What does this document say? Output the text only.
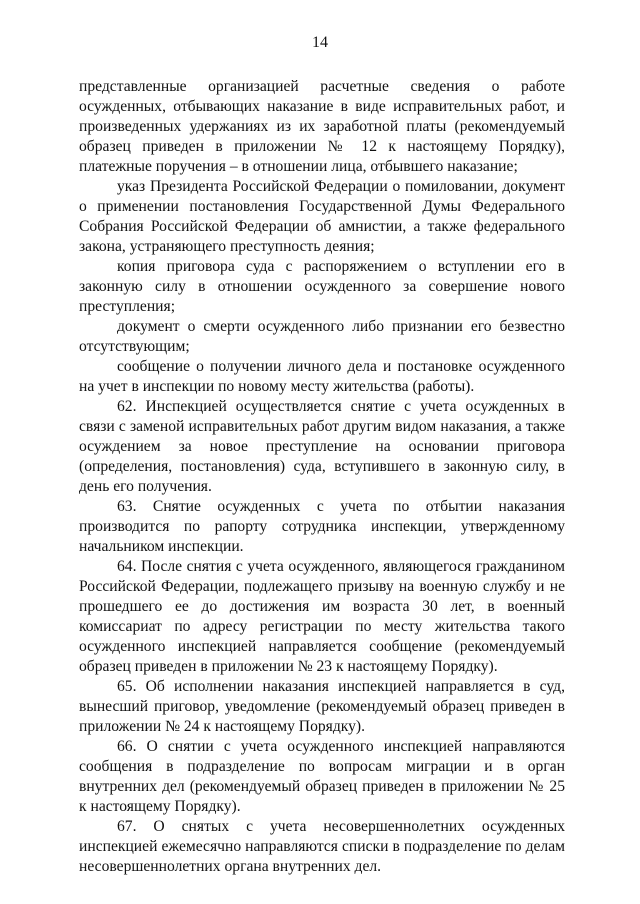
14

представленные организацией расчетные сведения о работе осужденных, отбывающих наказание в виде исправительных работ, и произведенных удержаниях из их заработной платы (рекомендуемый образец приведен в приложении № 12 к настоящему Порядку), платежные поручения – в отношении лица, отбывшего наказание;

указ Президента Российской Федерации о помиловании, документ о применении постановления Государственной Думы Федерального Собрания Российской Федерации об амнистии, а также федерального закона, устраняющего преступность деяния;

копия приговора суда с распоряжением о вступлении его в законную силу в отношении осужденного за совершение нового преступления;

документ о смерти осужденного либо признании его безвестно отсутствующим;

сообщение о получении личного дела и постановке осужденного на учет в инспекции по новому месту жительства (работы).

62. Инспекцией осуществляется снятие с учета осужденных в связи с заменой исправительных работ другим видом наказания, а также осуждением за новое преступление на основании приговора (определения, постановления) суда, вступившего в законную силу, в день его получения.

63. Снятие осужденных с учета по отбытии наказания производится по рапорту сотрудника инспекции, утвержденному начальником инспекции.

64. После снятия с учета осужденного, являющегося гражданином Российской Федерации, подлежащего призыву на военную службу и не прошедшего ее до достижения им возраста 30 лет, в военный комиссариат по адресу регистрации по месту жительства такого осужденного инспекцией направляется сообщение (рекомендуемый образец приведен в приложении № 23 к настоящему Порядку).

65. Об исполнении наказания инспекцией направляется в суд, вынесший приговор, уведомление (рекомендуемый образец приведен в приложении № 24 к настоящему Порядку).

66. О снятии с учета осужденного инспекцией направляются сообщения в подразделение по вопросам миграции и в орган внутренних дел (рекомендуемый образец приведен в приложении № 25 к настоящему Порядку).

67. О снятых с учета несовершеннолетних осужденных инспекцией ежемесячно направляются списки в подразделение по делам несовершеннолетних органа внутренних дел.
